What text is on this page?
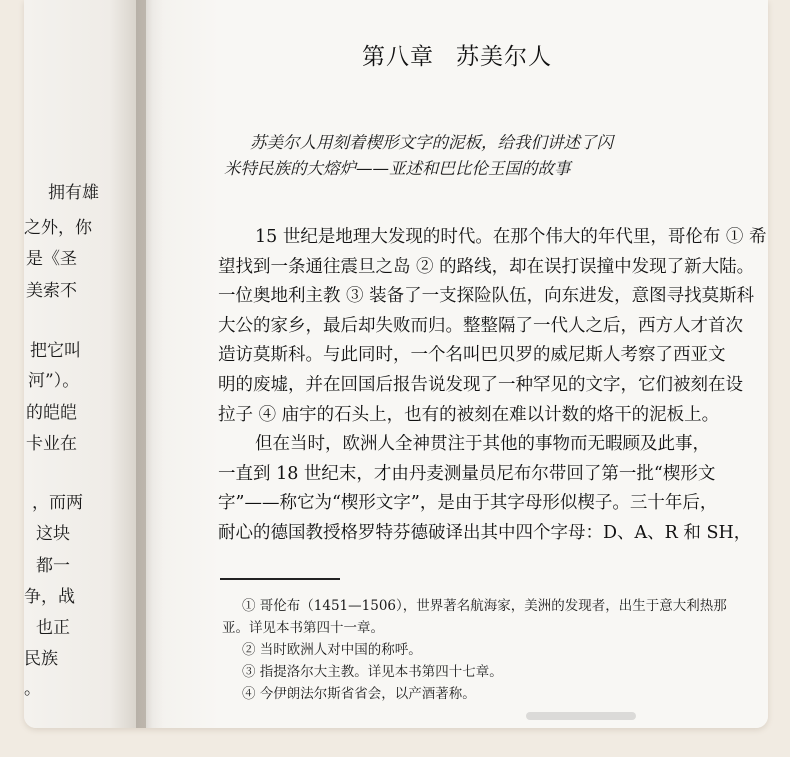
拥有雄
之外，你
是《圣
美索不
把它叫
河”）。
的皑皑
卡业在
，而两
这块
都一
争，战
也正
民族
。
第八章 苏美尔人
苏美尔人用刻着楔形文字的泥板，给我们讲述了闪
米特民族的大熔炉——亚述和巴比伦王国的故事

15 世纪是地理大发现的时代。在那个伟大的年代里，哥伦布 ① 希

望找到一条通往震旦之岛 ② 的路线，却在误打误撞中发现了新大陆。

一位奥地利主教 ③ 装备了一支探险队伍，向东进发，意图寻找莫斯科

大公的家乡，最后却失败而归。整整隔了一代人之后，西方人才首次

造访莫斯科。与此同时，一个名叫巴贝罗的威尼斯人考察了西亚文

明的废墟，并在回国后报告说发现了一种罕见的文字，它们被刻在设

拉子 ④ 庙宇的石头上，也有的被刻在难以计数的烙干的泥板上。

但在当时，欧洲人全神贯注于其他的事物而无暇顾及此事，

一直到 18 世纪末，才由丹麦测量员尼布尔带回了第一批“楔形文

字”——称它为“楔形文字”，是由于其字母形似楔子。三十年后，

耐心的德国教授格罗特芬德破译出其中四个字母：D、A、R 和 SH，

① 哥伦布（1451—1506），世界著名航海家，美洲的发现者，出生于意大利热那

亚。详见本书第四十一章。

② 当时欧洲人对中国的称呼。

③ 指提洛尔大主教。详见本书第四十七章。

④ 今伊朗法尔斯省省会，以产酒著称。
